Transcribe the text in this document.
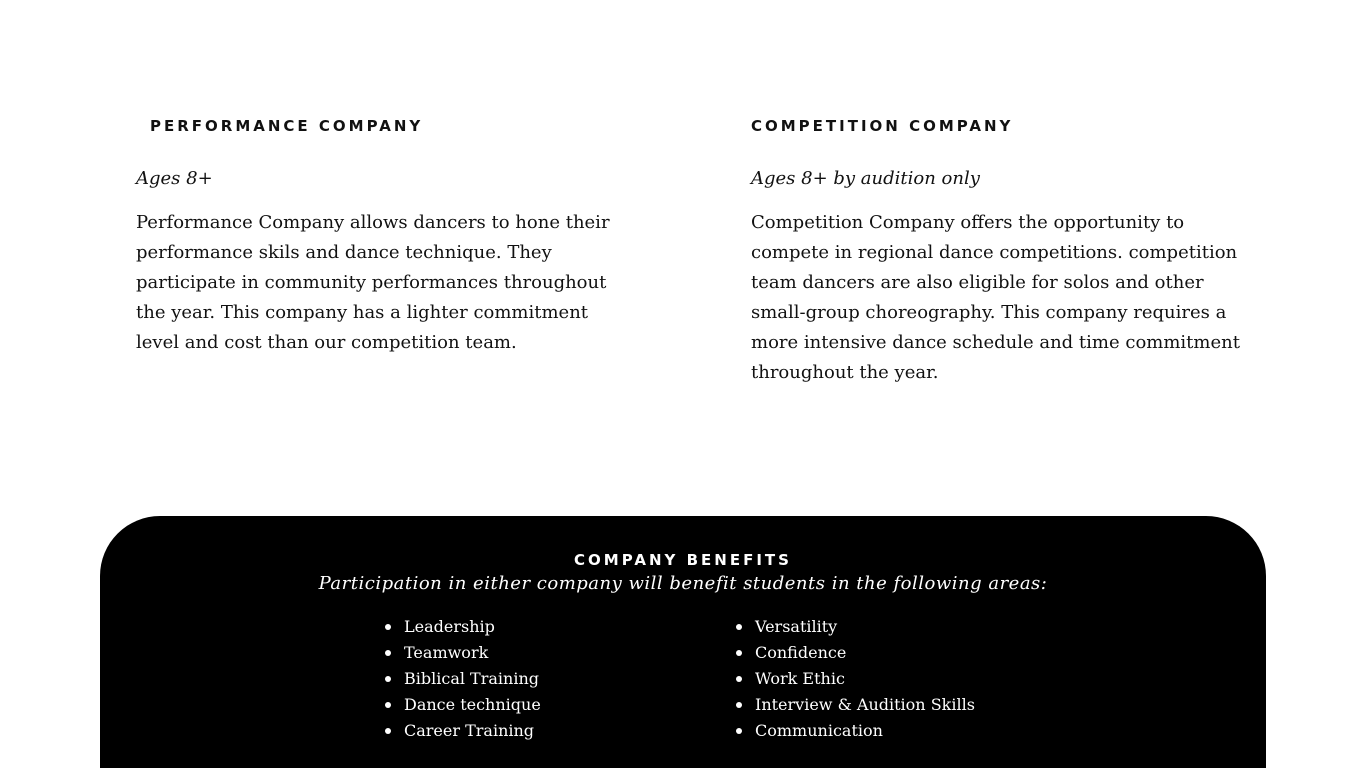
PERFORMANCE COMPANY
Ages 8+

Performance Company allows dancers to hone their performance skils and dance technique. They participate in community performances throughout the year. This company has a lighter commitment level and cost than our competition team.

COMPETITION COMPANY
Ages 8+ by audition only

Competition Company offers the opportunity to compete in regional dance competitions. competition team dancers are also eligible for solos and other small-group choreography. This company requires a more intensive dance schedule and time commitment throughout the year.

COMPANY BENEFITS
Participation in either company will benefit students in the following areas:
Leadership
Teamwork
Biblical Training
Dance technique
Career Training
Versatility
Confidence
Work Ethic
Interview & Audition Skills
Communication
